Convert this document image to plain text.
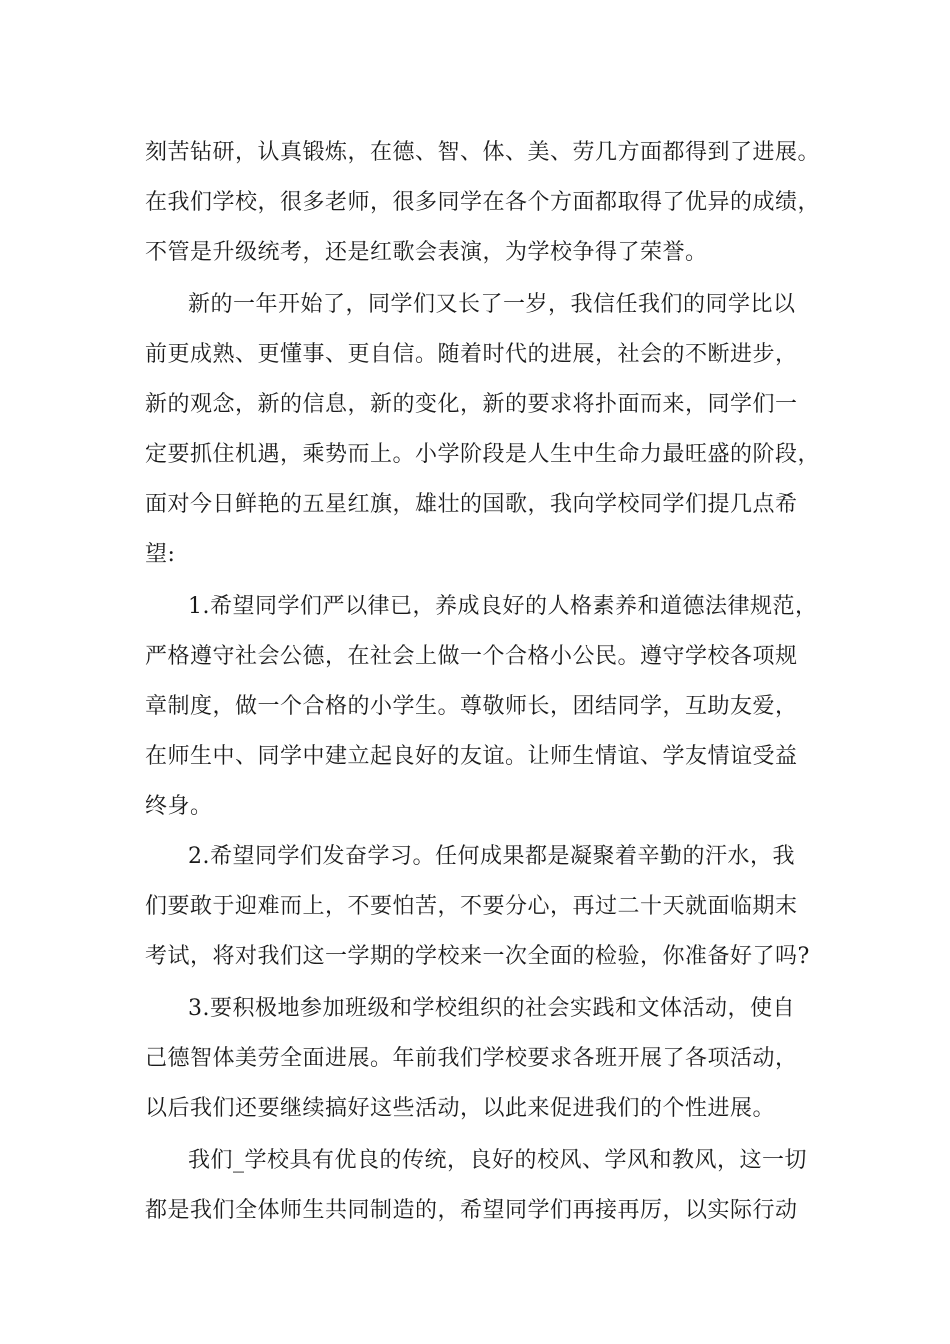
刻苦钻研，认真锻炼，在德、智、体、美、劳几方面都得到了进展。
在我们学校，很多老师，很多同学在各个方面都取得了优异的成绩，
不管是升级统考，还是红歌会表演，为学校争得了荣誉。
新的一年开始了，同学们又长了一岁，我信任我们的同学比以
前更成熟、更懂事、更自信。随着时代的进展，社会的不断进步，
新的观念，新的信息，新的变化，新的要求将扑面而来，同学们一
定要抓住机遇，乘势而上。小学阶段是人生中生命力最旺盛的阶段，
面对今日鲜艳的五星红旗，雄壮的国歌，我向学校同学们提几点希
望:
1.希望同学们严以律已，养成良好的人格素养和道德法律规范，
严格遵守社会公德，在社会上做一个合格小公民。遵守学校各项规
章制度，做一个合格的小学生。尊敬师长，团结同学，互助友爱，
在师生中、同学中建立起良好的友谊。让师生情谊、学友情谊受益
终身。
2.希望同学们发奋学习。任何成果都是凝聚着辛勤的汗水，我
们要敢于迎难而上，不要怕苦，不要分心，再过二十天就面临期末
考试，将对我们这一学期的学校来一次全面的检验，你准备好了吗?
3.要积极地参加班级和学校组织的社会实践和文体活动，使自
己德智体美劳全面进展。年前我们学校要求各班开展了各项活动，
以后我们还要继续搞好这些活动，以此来促进我们的个性进展。
我们_学校具有优良的传统，良好的校风、学风和教风，这一切
都是我们全体师生共同制造的，希望同学们再接再厉，以实际行动
